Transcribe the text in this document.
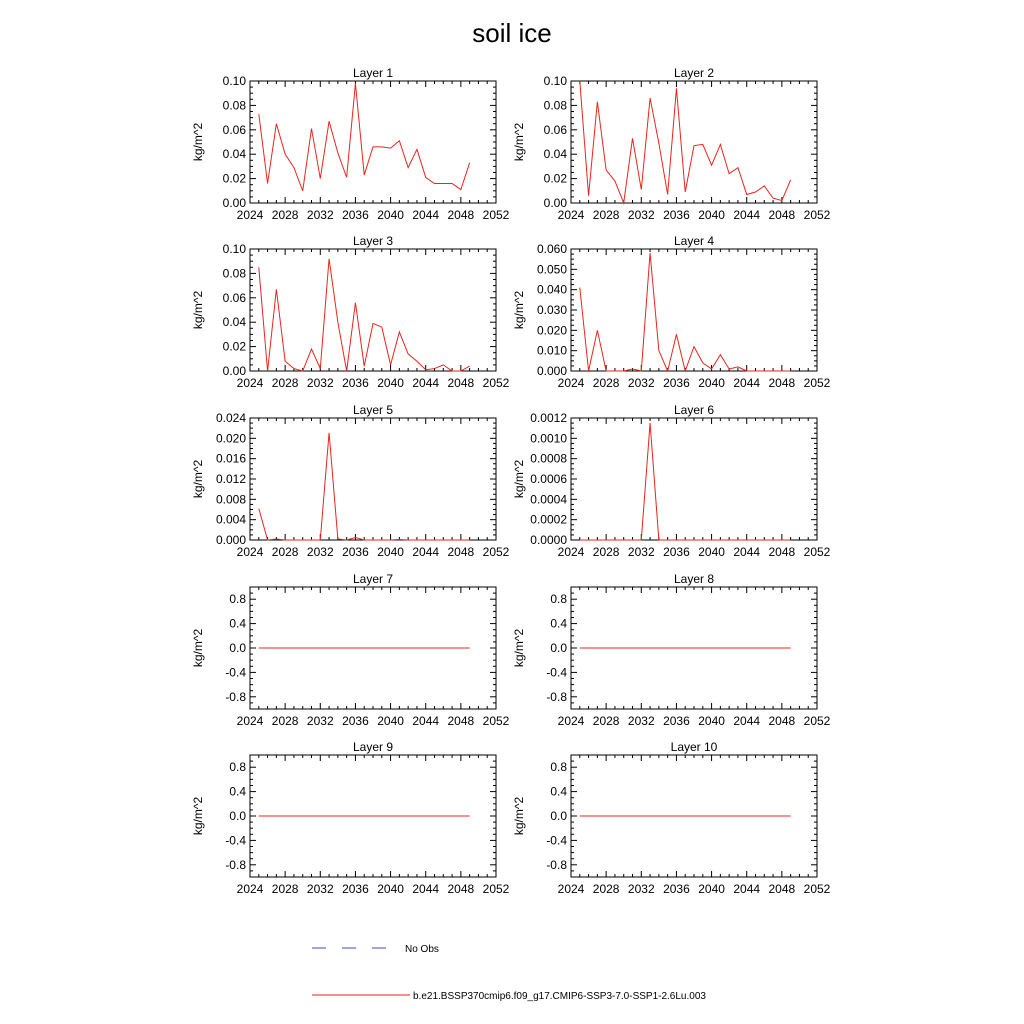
soil ice
Layer 1
kg/m^2
2024 2028 2032 2036 2040 2044 2048 2052
0.00
0.02
0.04
0.06
0.08
0.10
Layer 2
kg/m^2
2024 2028 2032 2036 2040 2044 2048 2052
0.00
0.02
0.04
0.06
0.08
0.10
Layer 3
kg/m^2
2024 2028 2032 2036 2040 2044 2048 2052
0.00
0.02
0.04
0.06
0.08
0.10
Layer 4
kg/m^2
2024 2028 2032 2036 2040 2044 2048 2052
0.000
0.010
0.020
0.030
0.040
0.050
0.060
Layer 5
kg/m^2
2024 2028 2032 2036 2040 2044 2048 2052
0.000
0.004
0.008
0.012
0.016
0.020
0.024
Layer 6
kg/m^2
2024 2028 2032 2036 2040 2044 2048 2052
0.0000
0.0002
0.0004
0.0006
0.0008
0.0010
0.0012
Layer 7
kg/m^2
2024 2028 2032 2036 2040 2044 2048 2052
-0.8
-0.4
0.0
0.4
0.8
Layer 8
kg/m^2
2024 2028 2032 2036 2040 2044 2048 2052
-0.8
-0.4
0.0
0.4
0.8
Layer 9
kg/m^2
2024 2028 2032 2036 2040 2044 2048 2052
-0.8
-0.4
0.0
0.4
0.8
Layer 10
kg/m^2
2024 2028 2032 2036 2040 2044 2048 2052
-0.8
-0.4
0.0
0.4
0.8
No Obs
b.e21.BSSP370cmip6.f09_g17.CMIP6-SSP3-7.0-SSP1-2.6Lu.003
